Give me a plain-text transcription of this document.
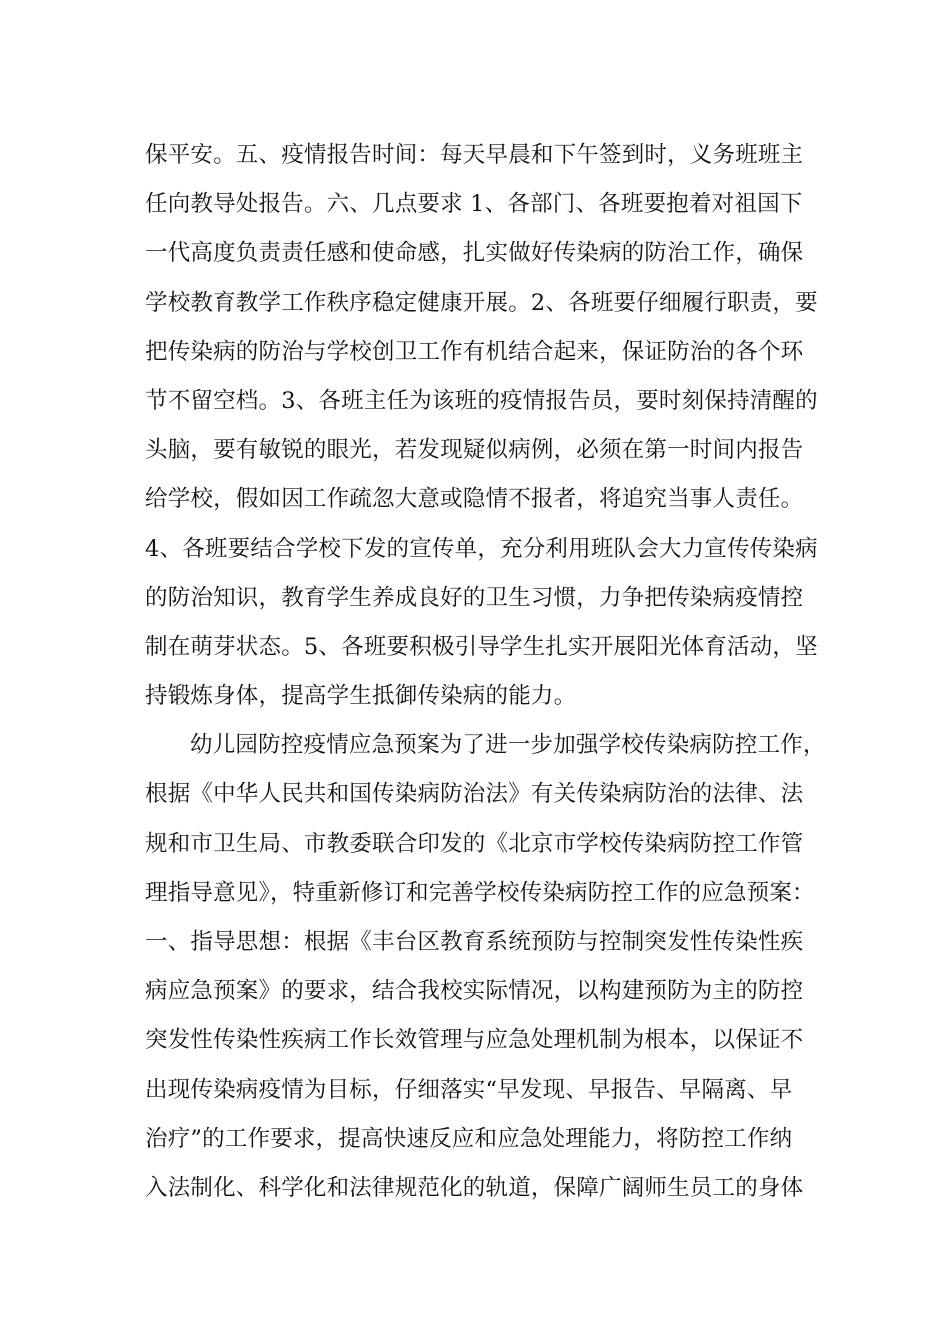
保平安。五、疫情报告时间：每天早晨和下午签到时，义务班班主
任向教导处报告。六、几点要求 1、各部门、各班要抱着对祖国下
一代高度负责责任感和使命感，扎实做好传染病的防治工作，确保
学校教育教学工作秩序稳定健康开展。2、各班要仔细履行职责，要
把传染病的防治与学校创卫工作有机结合起来，保证防治的各个环
节不留空档。3、各班主任为该班的疫情报告员，要时刻保持清醒的
头脑，要有敏锐的眼光，若发现疑似病例，必须在第一时间内报告
给学校，假如因工作疏忽大意或隐情不报者，将追究当事人责任。
4、各班要结合学校下发的宣传单，充分利用班队会大力宣传传染病
的防治知识，教育学生养成良好的卫生习惯，力争把传染病疫情控
制在萌芽状态。5、各班要积极引导学生扎实开展阳光体育活动，坚
持锻炼身体，提高学生抵御传染病的能力。
幼儿园防控疫情应急预案为了进一步加强学校传染病防控工作，
根据《中华人民共和国传染病防治法》有关传染病防治的法律、法
规和市卫生局、市教委联合印发的《北京市学校传染病防控工作管
理指导意见》，特重新修订和完善学校传染病防控工作的应急预案：
一、指导思想：根据《丰台区教育系统预防与控制突发性传染性疾
病应急预案》的要求，结合我校实际情况，以构建预防为主的防控
突发性传染性疾病工作长效管理与应急处理机制为根本，以保证不
出现传染病疫情为目标，仔细落实“早发现、早报告、早隔离、早
治疗”的工作要求，提高快速反应和应急处理能力，将防控工作纳
入法制化、科学化和法律规范化的轨道，保障广阔师生员工的身体
